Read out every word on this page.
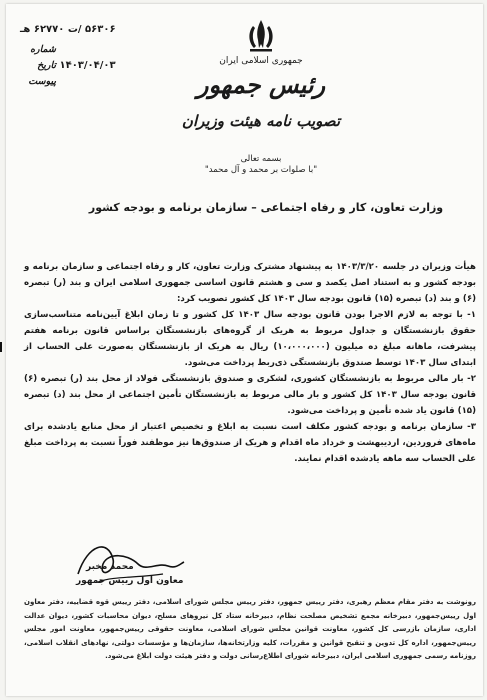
۵۶۳۰۶ /ت ۶۲۷۷۰ هـ
شماره
۱۴۰۳/۰۴/۰۳ تاریخ
پیوست
جمهوری اسلامی ایران
رئیس جمهور
تصویب نامه هیئت وزیران
بسمه تعالی
"با صلوات بر محمد و آل محمد"
وزارت تعاون، کار و رفاه اجتماعی – سازمان برنامه و بودجه کشور

هیأت وزیران در جلسه ۱۴۰۳/۳/۲۰ به پیشنهاد مشترک وزارت تعاون، کار و رفاه اجتماعی و سازمان برنامه و بودجه کشور و به استناد اصل یکصد و سی و هشتم قانون اساسی جمهوری اسلامی ایران و بند (ر) تبصره (۶) و بند (د) تبصره (۱۵) قانون بودجه سال ۱۴۰۳ کل کشور تصویب کرد:

۱- با توجه به لازم الاجرا بودن قانون بودجه سال ۱۴۰۳ کل کشور و تا زمان ابلاغ آیین‌نامه متناسب‌سازی حقوق بازنشستگان و جداول مربوط به هریک از گروه‌های بازنشستگان براساس قانون برنامه هفتم پیشرفت، ماهانه مبلغ ده میلیون (۱۰،۰۰۰،۰۰۰) ریال به هریک از بازنشستگان به‌صورت علی الحساب از ابتدای سال ۱۴۰۳ توسط صندوق بازنشستگی ذی‌ربط پرداخت می‌شود.

۲- بار مالی مربوط به بازنشستگان کشوری، لشکری و صندوق بازنشستگی فولاد از محل بند (ر) تبصره (۶) قانون بودجه سال ۱۴۰۳ کل کشور و بار مالی مربوط به بازنشستگان تأمین اجتماعی از محل بند (د) تبصره (۱۵) قانون یاد شده تأمین و پرداخت می‌شود.

۳- سازمان برنامه و بودجه کشور مکلف است نسبت به ابلاغ و تخصیص اعتبار از محل منابع یادشده برای ماه‌های فروردین، اردیبهشت و خرداد ماه اقدام و هریک از صندوق‌ها نیز موظفند فوراً نسبت به پرداخت مبلغ علی الحساب سه ماهه یادشده اقدام نمایند.

محمد مخبر
معاون اول رییس جمهور
رونوشت به دفتر مقام معظم رهبری، دفتر رییس جمهور، دفتر رییس مجلس شورای اسلامی، دفتر رییس قوه قضاییه، دفتر معاون اول رییس‌جمهور، دبیرخانه مجمع تشخیص مصلحت نظام، دبیرخانه ستاد کل نیروهای مسلح، دیوان محاسبات کشور، دیوان عدالت اداری، سازمان بازرسی کل کشور، معاونت قوانین مجلس شورای اسلامی، معاونت حقوقی رییس‌جمهور، معاونت امور مجلس رییس‌جمهور، اداره کل تدوین و تنقیح قوانین و مقررات، کلیه وزارتخانه‌ها، سازمان‌ها و مؤسسات دولتی، نهادهای انقلاب اسلامی، روزنامه رسمی جمهوری اسلامی ایران، دبیرخانه شورای اطلاع‌رسانی دولت و دفتر هیئت دولت ابلاغ می‌شود.
